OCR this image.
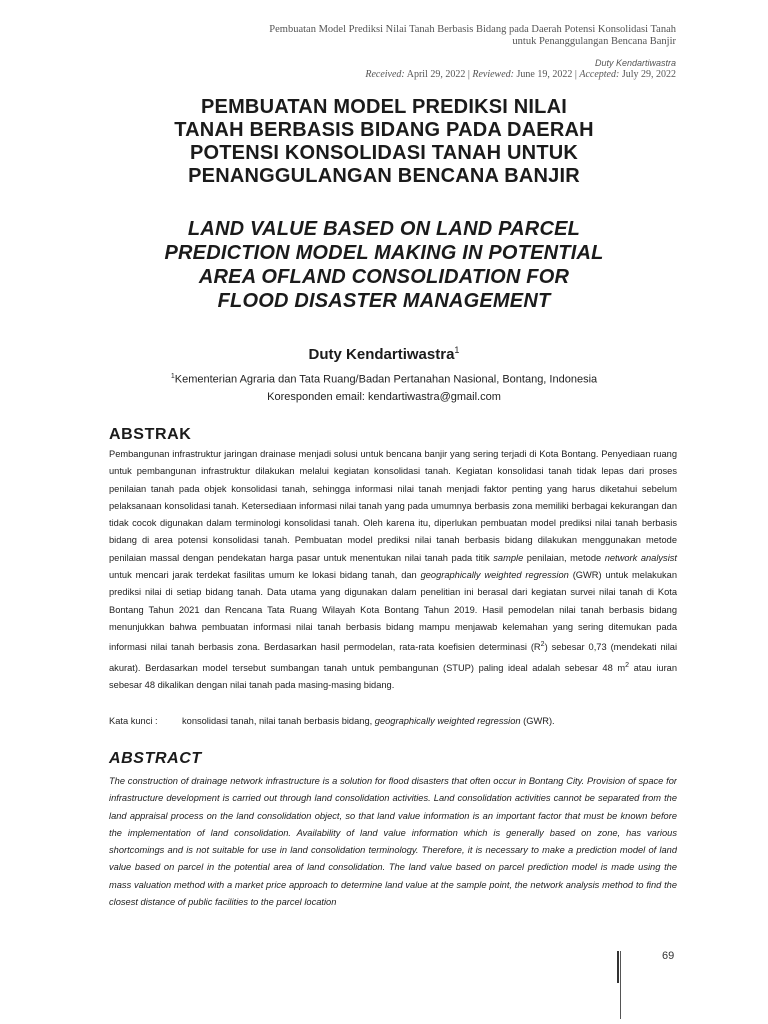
Pembuatan Model Prediksi Nilai Tanah Berbasis Bidang pada Daerah Potensi Konsolidasi Tanah
untuk Penanggulangan Bencana Banjir
Duty Kendartiwastra
Received: April 29, 2022 | Reviewed: June 19, 2022 | Accepted: July 29, 2022
PEMBUATAN MODEL PREDIKSI NILAI
TANAH BERBASIS BIDANG PADA DAERAH
POTENSI KONSOLIDASI TANAH UNTUK
PENANGGULANGAN BENCANA BANJIR
LAND VALUE BASED ON LAND PARCEL
PREDICTION MODEL MAKING IN POTENTIAL
AREA OFLAND CONSOLIDATION FOR
FLOOD DISASTER MANAGEMENT
Duty Kendartiwastra$^1$
$^1$Kementerian Agraria dan Tata Ruang/Badan Pertanahan Nasional, Bontang, Indonesia
Koresponden email: kendartiwastra@gmail.com
ABSTRAK
Pembangunan infrastruktur jaringan drainase menjadi solusi untuk bencana banjir yang sering terjadi di Kota Bontang. Penyediaan ruang untuk pembangunan infrastruktur dilakukan melalui kegiatan konsolidasi tanah. Kegiatan konsolidasi tanah tidak lepas dari proses penilaian tanah pada objek konsolidasi tanah, sehingga informasi nilai tanah menjadi faktor penting yang harus diketahui sebelum pelaksanaan konsolidasi tanah. Ketersediaan informasi nilai tanah yang pada umumnya berbasis zona memiliki berbagai kekurangan dan tidak cocok digunakan dalam terminologi konsolidasi tanah. Oleh karena itu, diperlukan pembuatan model prediksi nilai tanah berbasis bidang di area potensi konsolidasi tanah. Pembuatan model prediksi nilai tanah berbasis bidang dilakukan menggunakan metode penilaian massal dengan pendekatan harga pasar untuk menentukan nilai tanah pada titik sample penilaian, metode network analysist untuk mencari jarak terdekat fasilitas umum ke lokasi bidang tanah, dan geographically weighted regression (GWR) untuk melakukan prediksi nilai di setiap bidang tanah. Data utama yang digunakan dalam penelitian ini berasal dari kegiatan survei nilai tanah di Kota Bontang Tahun 2021 dan Rencana Tata Ruang Wilayah Kota Bontang Tahun 2019. Hasil pemodelan nilai tanah berbasis bidang menunjukkan bahwa pembuatan informasi nilai tanah berbasis bidang mampu menjawab kelemahan yang sering ditemukan pada informasi nilai tanah berbasis zona. Berdasarkan hasil permodelan, rata-rata koefisien determinasi $(R^2)$ sebesar 0,73 (mendekati nilai akurat). Berdasarkan model tersebut sumbangan tanah untuk pembangunan (STUP) paling ideal adalah sebesar 48 $m^2$ atau iuran sebesar 48 dikalikan dengan nilai tanah pada masing-masing bidang.
Kata kunci :	konsolidasi tanah, nilai tanah berbasis bidang, geographically weighted regression (GWR).
ABSTRACT
The construction of drainage network infrastructure is a solution for flood disasters that often occur in Bontang City. Provision of space for infrastructure development is carried out through land consolidation activities. Land consolidation activities cannot be separated from the land appraisal process on the land consolidation object, so that land value information is an important factor that must be known before the implementation of land consolidation. Availability of land value information which is generally based on zone, has various shortcomings and is not suitable for use in land consolidation terminology. Therefore, it is necessary to make a prediction model of land value based on parcel in the potential area of land consolidation. The land value based on parcel prediction model is made using the mass valuation method with a market price approach to determine land value at the sample point, the network analysis method to find the closest distance of public facilities to the parcel location
69
